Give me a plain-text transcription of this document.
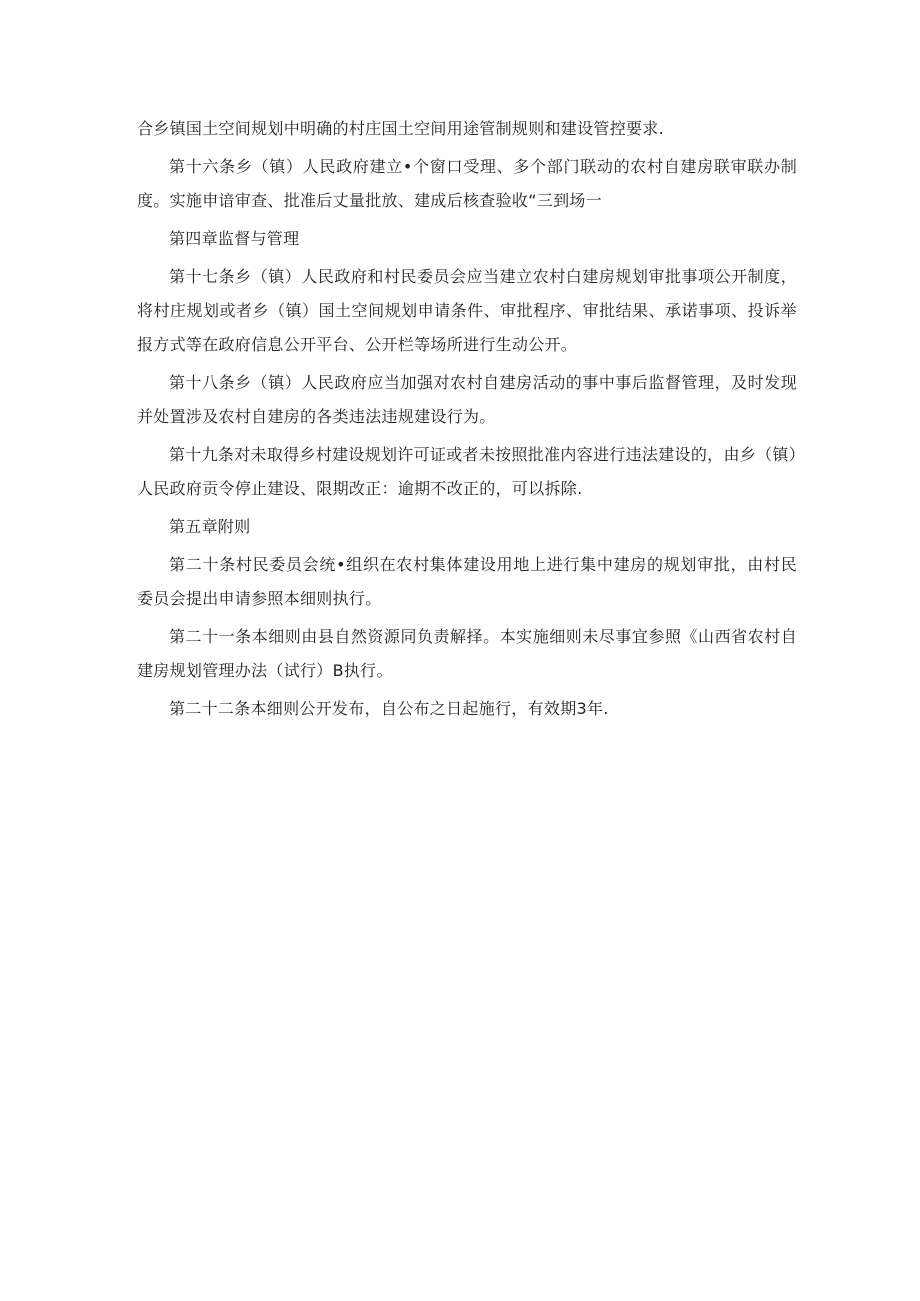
合乡镇国土空间规划中明确的村庄国土空间用途管制规则和建设管控要求.

第十六条乡（镇）人民政府建立•个窗口受理、多个部门联动的农村自建房联审联办制度。实施申谙审查、批准后丈量批放、建成后核查验收“三到场一

第四章监督与管理

第十七条乡（镇）人民政府和村民委员会应当建立农村白建房规划审批事项公开制度，将村庄规划或者乡（镇）国土空间规划申请条件、审批程序、审批结果、承诺事项、投诉举报方式等在政府信息公开平台、公开栏等场所进行生动公开。

第十八条乡（镇）人民政府应当加强对农村自建房活动的事中事后监督管理，及时发现并处置涉及农村自建房的各类违法违规建设行为。

第十九条对未取得乡村建设规划许可证或者未按照批准内容进行违法建设的，由乡（镇）人民政府贡令停止建设、限期改正：逾期不改正的，可以拆除.

第五章附则

第二十条村民委员会统•组织在农村集体建设用地上进行集中建房的规划审批，由村民委员会提出申请参照本细则执行。

第二十一条本细则由县自然资源同负责解择。本实施细则未尽事宜参照《山西省农村自建房规划管理办法（试行）B执行。

第二十二条本细则公开发布，自公布之日起施行，有效期3年.
